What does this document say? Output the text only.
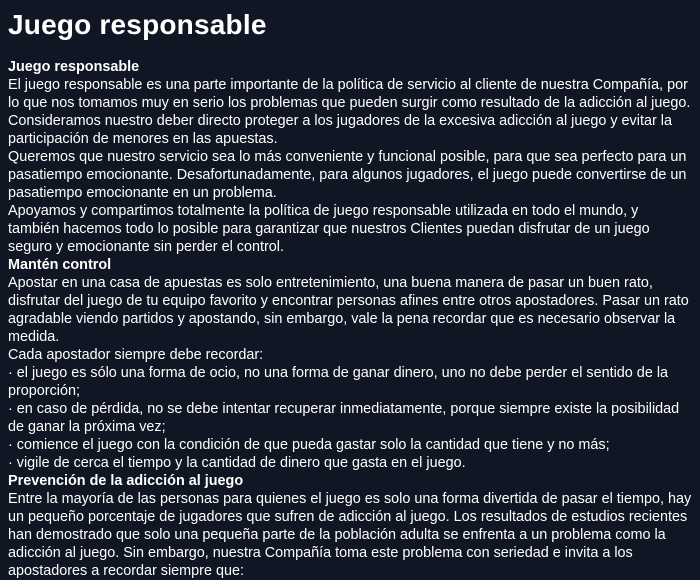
Juego responsable
Juego responsable

El juego responsable es una parte importante de la política de servicio al cliente de nuestra Compañía, por lo que nos tomamos muy en serio los problemas que pueden surgir como resultado de la adicción al juego. Consideramos nuestro deber directo proteger a los jugadores de la excesiva adicción al juego y evitar la participación de menores en las apuestas.

Queremos que nuestro servicio sea lo más conveniente y funcional posible, para que sea perfecto para un pasatiempo emocionante. Desafortunadamente, para algunos jugadores, el juego puede convertirse de un pasatiempo emocionante en un problema.

Apoyamos y compartimos totalmente la política de juego responsable utilizada en todo el mundo, y también hacemos todo lo posible para garantizar que nuestros Clientes puedan disfrutar de un juego seguro y emocionante sin perder el control.

Mantén control

Apostar en una casa de apuestas es solo entretenimiento, una buena manera de pasar un buen rato, disfrutar del juego de tu equipo favorito y encontrar personas afines entre otros apostadores. Pasar un rato agradable viendo partidos y apostando, sin embargo, vale la pena recordar que es necesario observar la medida.

Cada apostador siempre debe recordar:

· el juego es sólo una forma de ocio, no una forma de ganar dinero, uno no debe perder el sentido de la proporción;

· en caso de pérdida, no se debe intentar recuperar inmediatamente, porque siempre existe la posibilidad de ganar la próxima vez;

· comience el juego con la condición de que pueda gastar solo la cantidad que tiene y no más;

· vigile de cerca el tiempo y la cantidad de dinero que gasta en el juego.

Prevención de la adicción al juego

Entre la mayoría de las personas para quienes el juego es solo una forma divertida de pasar el tiempo, hay un pequeño porcentaje de jugadores que sufren de adicción al juego. Los resultados de estudios recientes han demostrado que solo una pequeña parte de la población adulta se enfrenta a un problema como la adicción al juego. Sin embargo, nuestra Compañía toma este problema con seriedad e invita a los apostadores a recordar siempre que:
